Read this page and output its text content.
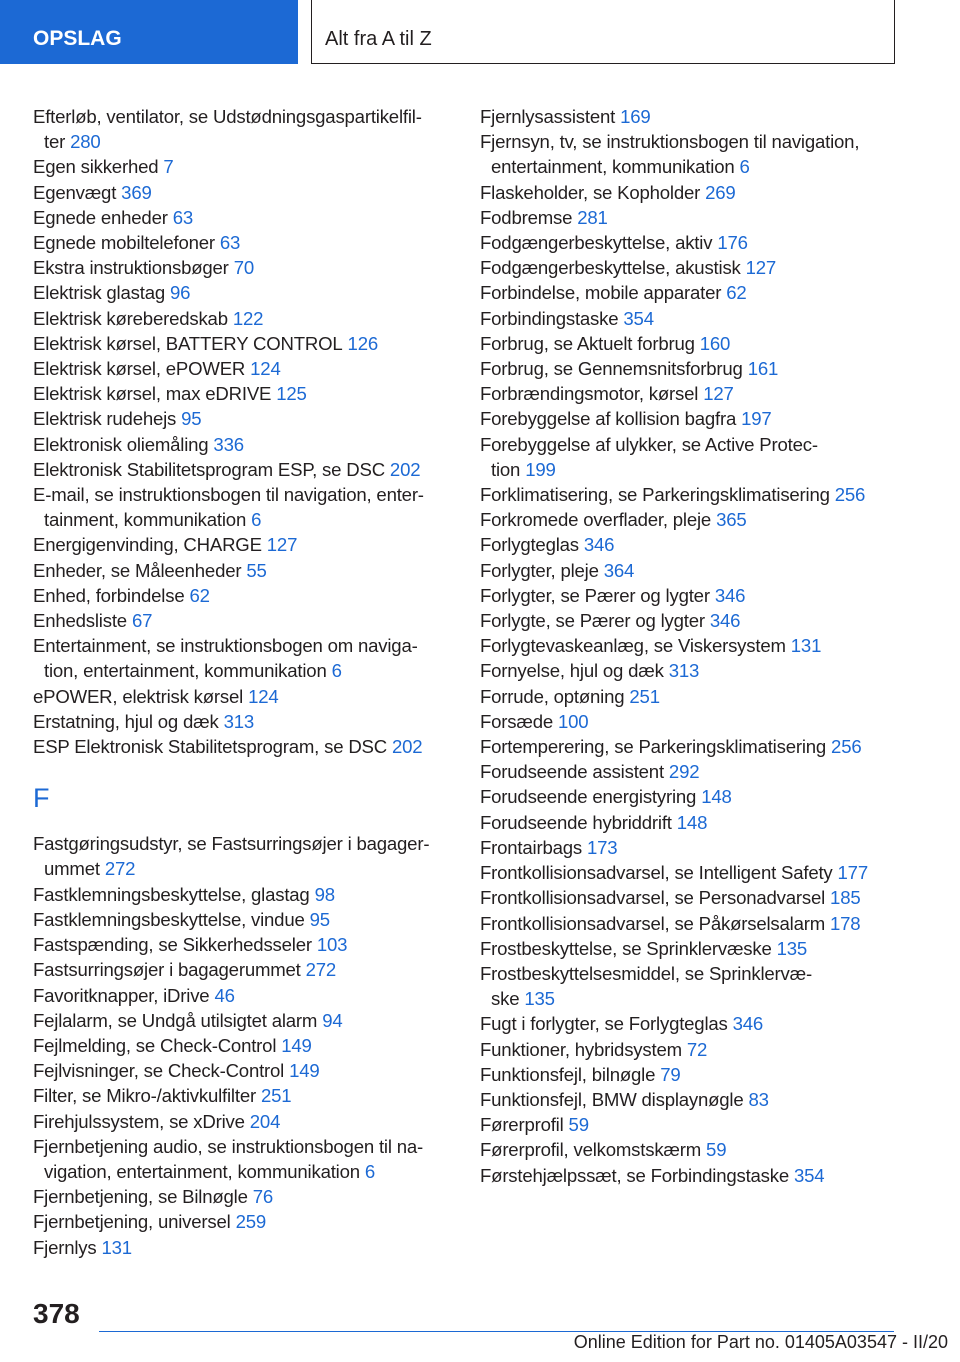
OPSLAG	Alt fra A til Z
Efterløb, ventilator, se Udstødningsgaspartikelfil-
ter 280
Egen sikkerhed 7
Egenvægt 369
Egnede enheder 63
Egnede mobiltelefoner 63
Ekstra instruktionsbøger 70
Elektrisk glastag 96
Elektrisk køreberedskab 122
Elektrisk kørsel, BATTERY CONTROL 126
Elektrisk kørsel, ePOWER 124
Elektrisk kørsel, max eDRIVE 125
Elektrisk rudehejs 95
Elektronisk oliemåling 336
Elektronisk Stabilitetsprogram ESP, se DSC 202
E-mail, se instruktionsbogen til navigation, enter-
tainment, kommunikation 6
Energigenvinding, CHARGE 127
Enheder, se Måleenheder 55
Enhed, forbindelse 62
Enhedsliste 67
Entertainment, se instruktionsbogen om naviga-
tion, entertainment, kommunikation 6
ePOWER, elektrisk kørsel 124
Erstatning, hjul og dæk 313
ESP Elektronisk Stabilitetsprogram, se DSC 202
F
Fastgøringsudstyr, se Fastsurringsøjer i bagager-
ummet 272
Fastklemningsbeskyttelse, glastag 98
Fastklemningsbeskyttelse, vindue 95
Fastspænding, se Sikkerhedsseler 103
Fastsurringsøjer i bagagerummet 272
Favoritknapper, iDrive 46
Fejlalarm, se Undgå utilsigtet alarm 94
Fejlmelding, se Check-Control 149
Fejlvisninger, se Check-Control 149
Filter, se Mikro-/aktivkulfilter 251
Firehjulssystem, se xDrive 204
Fjernbetjening audio, se instruktionsbogen til na-
vigation, entertainment, kommunikation 6
Fjernbetjening, se Bilnøgle 76
Fjernbetjening, universel 259
Fjernlys 131
Fjernlysassistent 169
Fjernsyn, tv, se instruktionsbogen til navigation,
entertainment, kommunikation 6
Flaskeholder, se Kopholder 269
Fodbremse 281
Fodgængerbeskyttelse, aktiv 176
Fodgængerbeskyttelse, akustisk 127
Forbindelse, mobile apparater 62
Forbindingstaske 354
Forbrug, se Aktuelt forbrug 160
Forbrug, se Gennemsnitsforbrug 161
Forbrændingsmotor, kørsel 127
Forebyggelse af kollision bagfra 197
Forebyggelse af ulykker, se Active Protec-
tion 199
Forklimatisering, se Parkeringsklimatisering 256
Forkromede overflader, pleje 365
Forlygteglas 346
Forlygter, pleje 364
Forlygter, se Pærer og lygter 346
Forlygte, se Pærer og lygter 346
Forlygtevaskeanlæg, se Viskersystem 131
Fornyelse, hjul og dæk 313
Forrude, optøning 251
Forsæde 100
Fortemperering, se Parkeringsklimatisering 256
Forudseende assistent 292
Forudseende energistyring 148
Forudseende hybriddrift 148
Frontairbags 173
Frontkollisionsadvarsel, se Intelligent Safety 177
Frontkollisionsadvarsel, se Personadvarsel 185
Frontkollisionsadvarsel, se Påkørselsalarm 178
Frostbeskyttelse, se Sprinklervæske 135
Frostbeskyttelsesmiddel, se Sprinklervæ-
ske 135
Fugt i forlygter, se Forlygteglas 346
Funktioner, hybridsystem 72
Funktionsfejl, bilnøgle 79
Funktionsfejl, BMW displaynøgle 83
Førerprofil 59
Førerprofil, velkomstskærm 59
Førstehjælpssæt, se Forbindingstaske 354
378
Online Edition for Part no. 01405A03547 - II/20
